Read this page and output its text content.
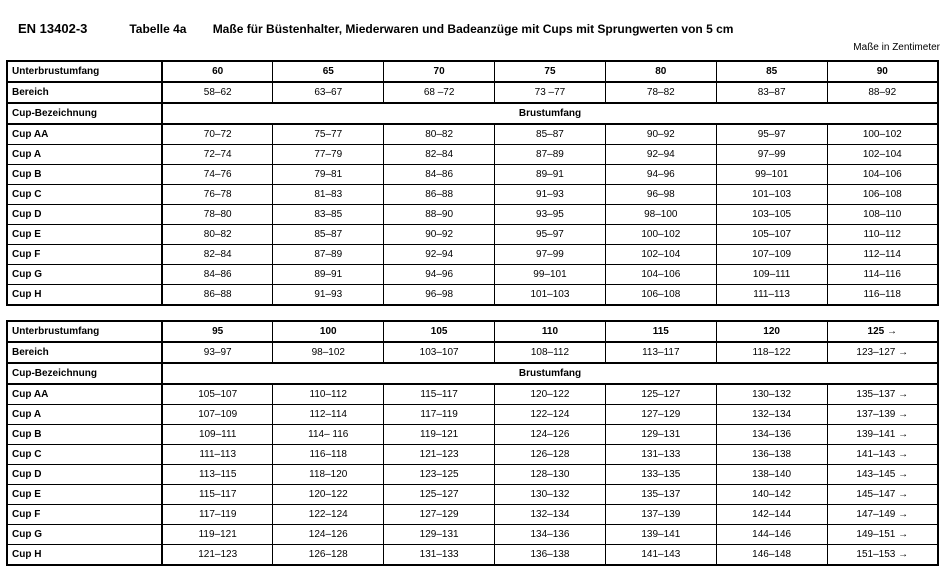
EN 13402-3	Tabelle 4a Maße für Büstenhalter, Miederwaren und Badeanzüge mit Cups mit Sprungwerten von 5 cm
Maße in Zentimeter
Unterbrustumfang	60	65	70	75	80	85	90
Bereich	58–62	63–67	68 –72	73 –77	78–82	83–87	88–92
Cup-Bezeichnung	Brustumfang						
Cup AA	70–72	75–77	80–82	85–87	90–92	95–97	100–102
Cup A	72–74	77–79	82–84	87–89	92–94	97–99	102–104
Cup B	74–76	79–81	84–86	89–91	94–96	99–101	104–106
Cup C	76–78	81–83	86–88	91–93	96–98	101–103	106–108
Cup D	78–80	83–85	88–90	93–95	98–100	103–105	108–110
Cup E	80–82	85–87	90–92	95–97	100–102	105–107	110–112
Cup F	82–84	87–89	92–94	97–99	102–104	107–109	112–114
Cup G	84–86	89–91	94–96	99–101	104–106	109–111	114–116
Cup H	86–88	91–93	96–98	101–103	106–108	111–113	116–118
Unterbrustumfang	95	100	105	110	115	120	125 →
Bereich	93–97	98–102	103–107	108–112	113–117	118–122	123–127 →
Cup-Bezeichnung	Brustumfang						
Cup AA	105–107	110–112	115–117	120–122	125–127	130–132	135–137 →
Cup A	107–109	112–114	117–119	122–124	127–129	132–134	137–139 →
Cup B	109–111	114– 116	119–121	124–126	129–131	134–136	139–141 →
Cup C	111–113	116–118	121–123	126–128	131–133	136–138	141–143 →
Cup D	113–115	118–120	123–125	128–130	133–135	138–140	143–145 →
Cup E	115–117	120–122	125–127	130–132	135–137	140–142	145–147 →
Cup F	117–119	122–124	127–129	132–134	137–139	142–144	147–149 →
Cup G	119–121	124–126	129–131	134–136	139–141	144–146	149–151 →
Cup H	121–123	126–128	131–133	136–138	141–143	146–148	151–153 →
